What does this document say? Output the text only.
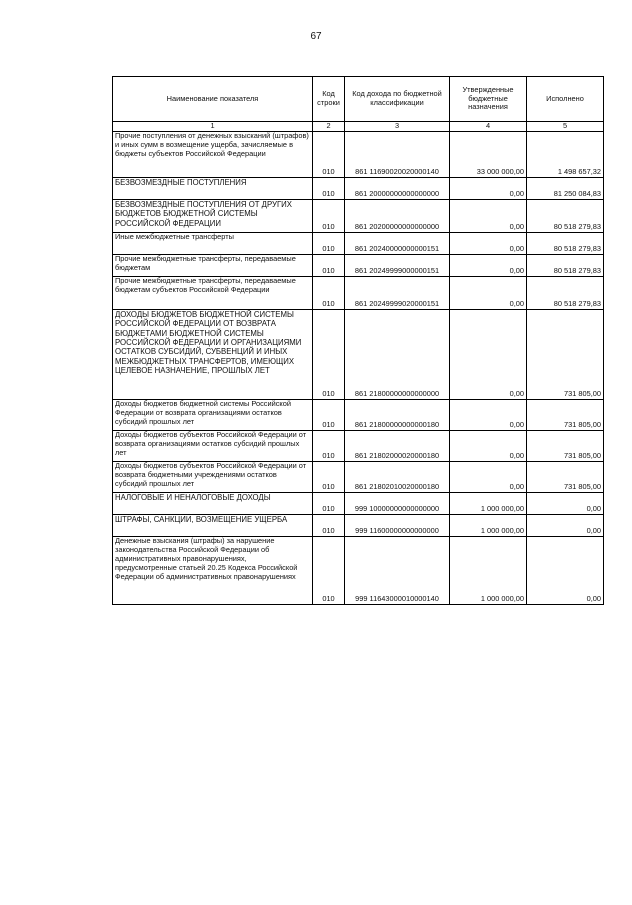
67
Наименование показателя	Код строки	Код дохода по бюджетной классификации	Утвержденные бюджетные назначения	Исполнено
1	2	3	4	5
Прочие поступления от денежных взысканий (штрафов) и иных сумм в возмещение ущерба, зачисляемые в бюджеты субъектов Российской Федерации	010	861 11690020020000140	33 000 000,00	1 498 657,32
БЕЗВОЗМЕЗДНЫЕ ПОСТУПЛЕНИЯ	010	861 20000000000000000	0,00	81 250 084,83
БЕЗВОЗМЕЗДНЫЕ ПОСТУПЛЕНИЯ ОТ ДРУГИХ БЮДЖЕТОВ БЮДЖЕТНОЙ СИСТЕМЫ РОССИЙСКОЙ ФЕДЕРАЦИИ	010	861 20200000000000000	0,00	80 518 279,83
Иные межбюджетные трансферты	010	861 20240000000000151	0,00	80 518 279,83
Прочие межбюджетные трансферты, передаваемые бюджетам	010	861 20249999000000151	0,00	80 518 279,83
Прочие межбюджетные трансферты, передаваемые бюджетам субъектов Российской Федерации	010	861 20249999020000151	0,00	80 518 279,83
ДОХОДЫ БЮДЖЕТОВ БЮДЖЕТНОЙ СИСТЕМЫ РОССИЙСКОЙ ФЕДЕРАЦИИ ОТ ВОЗВРАТА БЮДЖЕТАМИ БЮДЖЕТНОЙ СИСТЕМЫ РОССИЙСКОЙ ФЕДЕРАЦИИ И ОРГАНИЗАЦИЯМИ ОСТАТКОВ СУБСИДИЙ, СУБВЕНЦИЙ И ИНЫХ МЕЖБЮДЖЕТНЫХ ТРАНСФЕРТОВ, ИМЕЮЩИХ ЦЕЛЕВОЕ НАЗНАЧЕНИЕ, ПРОШЛЫХ ЛЕТ	010	861 21800000000000000	0,00	731 805,00
Доходы бюджетов бюджетной системы Российской Федерации от возврата организациями остатков субсидий прошлых лет	010	861 21800000000000180	0,00	731 805,00
Доходы бюджетов субъектов Российской Федерации от возврата организациями остатков субсидий прошлых лет	010	861 21802000020000180	0,00	731 805,00
Доходы бюджетов субъектов Российской Федерации от возврата бюджетными учреждениями остатков субсидий прошлых лет	010	861 21802010020000180	0,00	731 805,00
НАЛОГОВЫЕ И НЕНАЛОГОВЫЕ ДОХОДЫ	010	999 10000000000000000	1 000 000,00	0,00
ШТРАФЫ, САНКЦИИ, ВОЗМЕЩЕНИЕ УЩЕРБА	010	999 11600000000000000	1 000 000,00	0,00
Денежные взыскания (штрафы) за нарушение законодательства Российской Федерации об административных правонарушениях, предусмотренные статьей 20.25 Кодекса Российской Федерации об административных правонарушениях	010	999 11643000010000140	1 000 000,00	0,00
